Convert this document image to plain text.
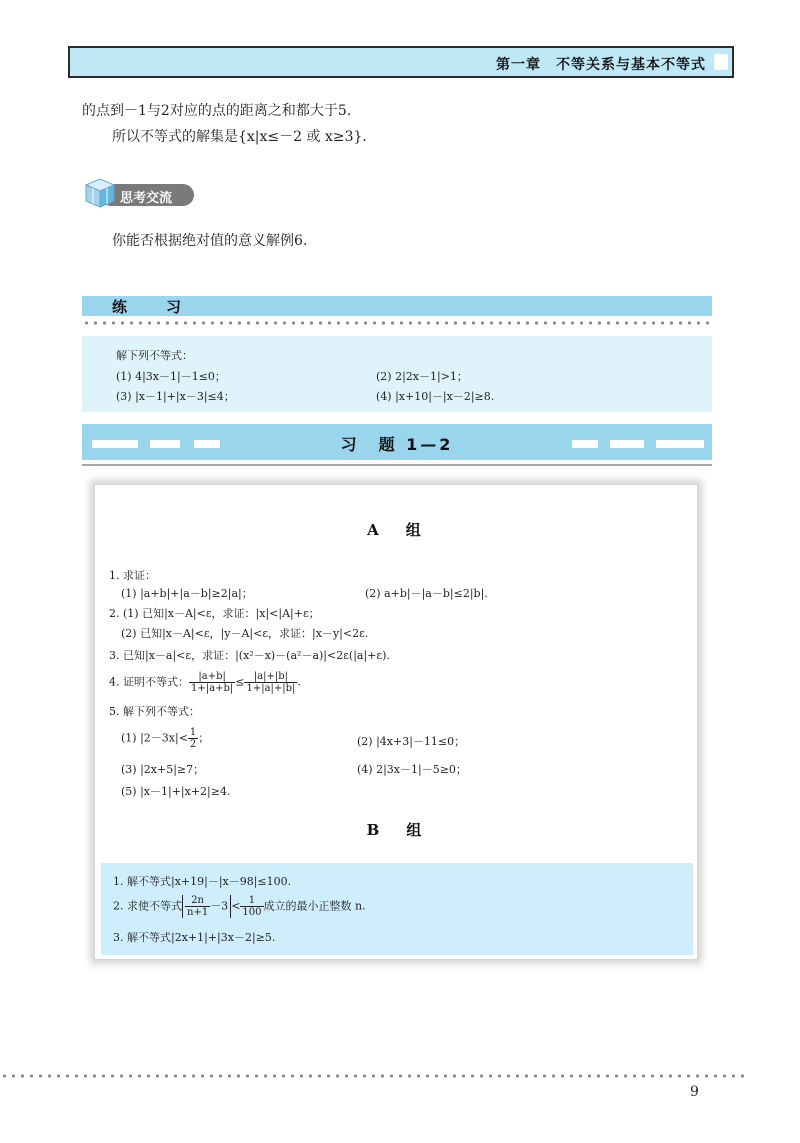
第一章　不等关系与基本不等式
的点到－1与2对应的点的距离之和都大于5.
所以不等式的解集是{x|x≤－2 或 x≥3}.
思考交流
你能否根据绝对值的意义解例6.
练　习
解下列不等式：
(1) 4|3x－1|－1≤0；	(2) 2|2x－1|>1；
(3) |x－1|+|x－3|≤4；	(4) |x+10|－|x－2|≥8.
习　题 1—2
A　组
1. 求证：
(1) |a+b|+|a－b|≥2|a|；	(2) a+b|－|a－b|≤2|b|.
2. (1) 已知|x－A|<ε，求证：|x|<|A|+ε；
(2) 已知|x－A|<ε，|y－A|<ε，求证：|x－y|<2ε.
3. 已知|x－a|<ε，求证：|(x²－x)－(a²－a)|<2ε(|a|+ε).
4. 证明不等式： $\frac{|a+b|}{1+|a+b|} \le \frac{|a|+|b|}{1+|a|+|b|}$ .
5. 解下列不等式：
(1) $|2-3x|< \frac{1}{2}$ ；	(2) |4x+3|－11≤0；
(3) |2x+5|≥7；	(4) 2|3x－1|－5≥0；
(5) |x－1|+|x+2|≥4.
B　组
1. 解不等式|x+19|－|x－98|≤100.
2. 求使不等式 $\frac{2n}{n+1} -3 < \frac{1}{100}$ 成立的最小正整数 n.
3. 解不等式|2x+1|+|3x－2|≥5.
9
